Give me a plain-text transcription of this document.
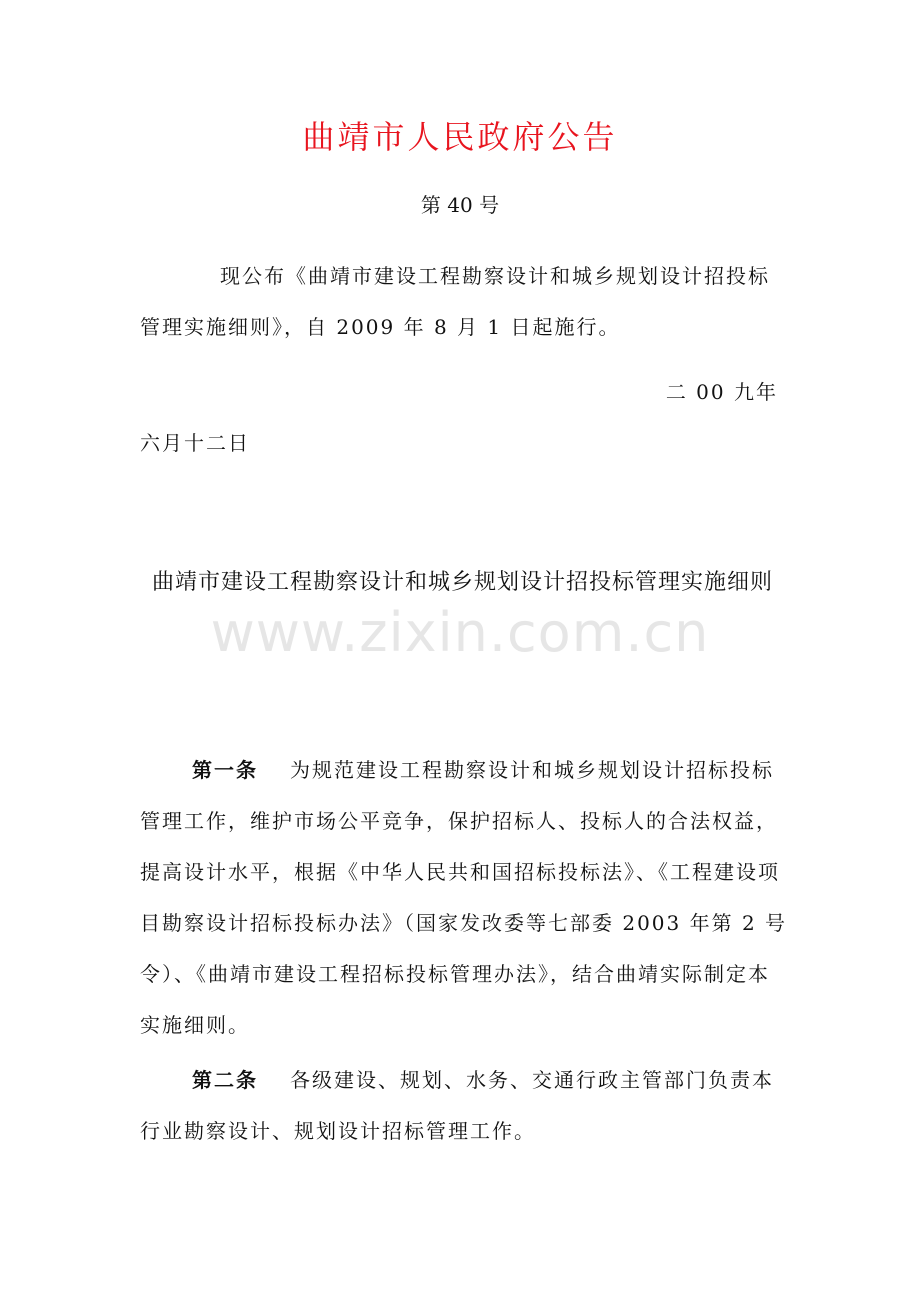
曲靖市人民政府公告
第 40 号
现公布《曲靖市建设工程勘察设计和城乡规划设计招投标管理实施细则》，自 2009 年 8 月 1 日起施行。
二 00 九年
六月十二日
曲靖市建设工程勘察设计和城乡规划设计招投标管理实施细则
www.zixin.com.cn
第一条 为规范建设工程勘察设计和城乡规划设计招标投标管理工作，维护市场公平竞争，保护招标人、投标人的合法权益，提高设计水平，根据《中华人民共和国招标投标法》、《工程建设项目勘察设计招标投标办法》（国家发改委等七部委 2003 年第 2 号令）、《曲靖市建设工程招标投标管理办法》，结合曲靖实际制定本实施细则。
第二条 各级建设、规划、水务、交通行政主管部门负责本行业勘察设计、规划设计招标管理工作。
